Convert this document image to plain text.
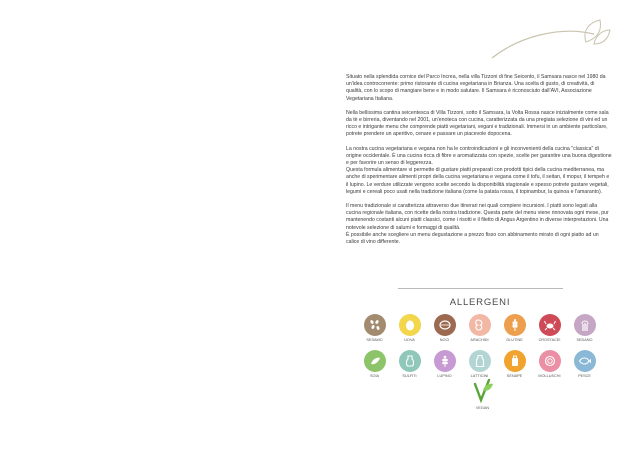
Situato nella splendida cornice del Parco Increa, nella villa Tizzoni di fine Seicento, il Samsara nasce nel 1980 da un'idea controcorrente: primo ristorante di cucina vegetariana in Brianza. Una scelta di gusto, di creatività, di qualità, con lo scopo di mangiare bene e in modo salutare. Il Samsara è riconosciuto dall'AVI, Associazione Vegetariana Italiana.

Nella bellissima cantina seicentesca di Villa Tizzoni, sotto il Samsara, la Volta Rossa nasce inizialmente come sala da tè e birreria, diventando nel 2001, un'enoteca con cucina, caratterizzata da una pregiata selezione di vini ed un ricco e intrigante menu che comprende piatti vegetariani, vegani e tradizionali. Immersi in un ambiente particolare, potrete prendere un aperitivo, cenare e passare un piacevole dopocena.

La nostra cucina vegetariana e vegana non ha le controindicazioni e gli inconvenienti della cucina "classica" di origine occidentale. È una cucina ricca di fibre e aromatizzata con spezie, scelte per garantire una buona digestione e per favorire un senso di leggerezza.

Questa formula alimentare vi permette di gustare piatti preparati con prodotti tipici della cucina mediterranea, ma anche di sperimentare alimenti propri della cucina vegetariana e vegana come il tofu, il seitan, il mopur, il tempeh e il lupino. Le verdure utilizzate vengono scelte secondo la disponibilità stagionale e spesso potrete gustare vegetali, legumi e cereali poco usati nella tradizione italiana (come la patata rossa, il topinambur, la quinoa e l'amaranto).

Il menu tradizionale si caratterizza attraverso due itinerari nei quali compiere incursioni. I piatti sono legati alla cucina regionale italiana, con ricette della nostra tradizione. Questa parte del menu viene rinnovata ogni mese, pur mantenendo costanti alcuni piatti classici, come i risotti e il filetto di Angus Argentino in diverse interpretazioni. Una notevole selezione di salumi e formaggi di qualità.

È possibile anche scegliere un menu degustazione a prezzo fisso con abbinamento mirato di ogni piatto ad un calice di vino differente.

ALLERGENI
SESAMO	UOVA	NOCI	ARACHIDI	GLUTINE	CROSTACEI	SEDANO
SOIA	SULFITI	LUPINO	LATTICINI	SENAPE	MOLLUSCHI	PESCE
VEGAN
